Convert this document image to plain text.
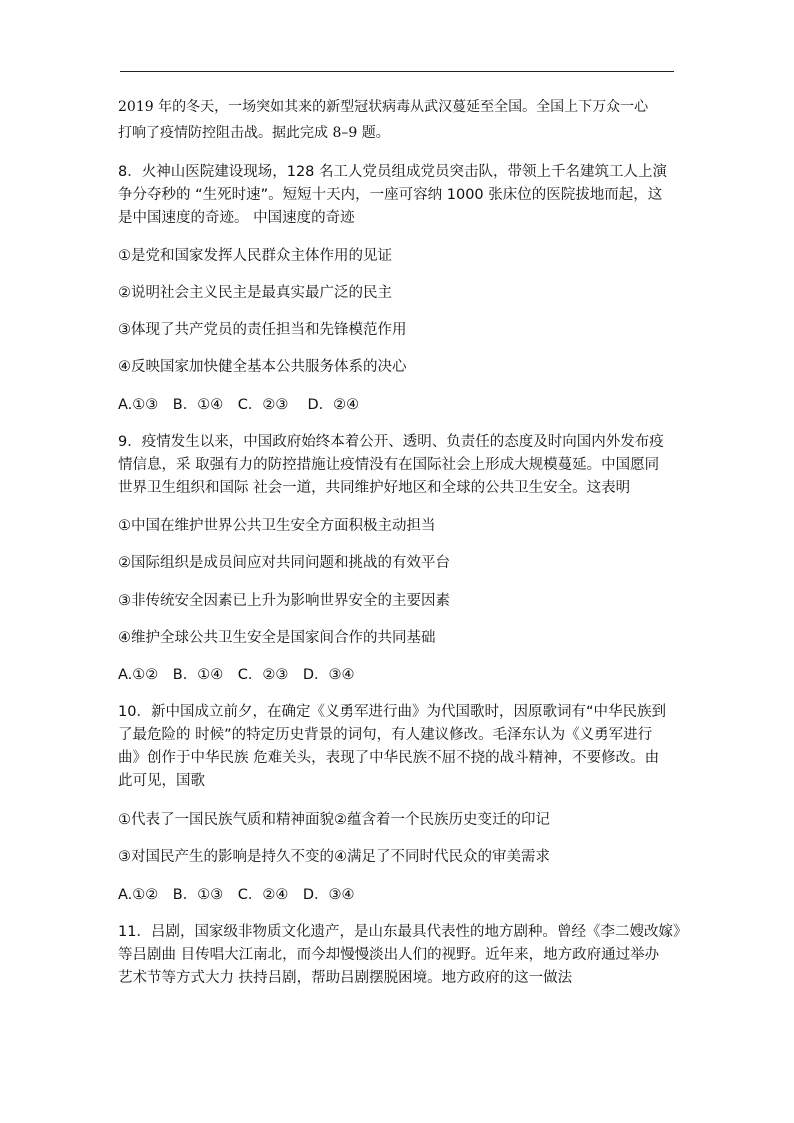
2019 年的冬天，一场突如其来的新型冠状病毒从武汉蔓延至全国。全国上下万众一心
打响了疫情防控阻击战。据此完成 8–9 题。
8．火神山医院建设现场，128 名工人党员组成党员突击队，带领上千名建筑工人上演
争分夺秒的 “生死时速”。短短十天内，一座可容纳 1000 张床位的医院拔地而起，这
是中国速度的奇迹。 中国速度的奇迹
①是党和国家发挥人民群众主体作用的见证
②说明社会主义民主是最真实最广泛的民主
③体现了共产党员的责任担当和先锋模范作用
④反映国家加快健全基本公共服务体系的决心
A.①③　B．①④　C．②③　 D．②④
9．疫情发生以来，中国政府始终本着公开、透明、负责任的态度及时向国内外发布疫
情信息，采 取强有力的防控措施让疫情没有在国际社会上形成大规模蔓延。中国愿同
世界卫生组织和国际 社会一道，共同维护好地区和全球的公共卫生安全。这表明
①中国在维护世界公共卫生安全方面积极主动担当
②国际组织是成员间应对共同问题和挑战的有效平台
③非传统安全因素已上升为影响世界安全的主要因素
④维护全球公共卫生安全是国家间合作的共同基础
A.①②　B．①④　C．②③　D．③④
10．新中国成立前夕，在确定《义勇军进行曲》为代国歌时，因原歌词有“中华民族到
了最危险的 时候”的特定历史背景的词句，有人建议修改。毛泽东认为《义勇军进行
曲》创作于中华民族 危难关头，表现了中华民族不屈不挠的战斗精神，不要修改。由
此可见，国歌
①代表了一国民族气质和精神面貌②蕴含着一个民族历史变迁的印记
③对国民产生的影响是持久不变的④满足了不同时代民众的审美需求
A.①②　B．①③　C．②④　D．③④
11．吕剧，国家级非物质文化遗产，是山东最具代表性的地方剧种。曾经《李二嫂改嫁》
等吕剧曲 目传唱大江南北，而今却慢慢淡出人们的视野。近年来，地方政府通过举办
艺术节等方式大力 扶持吕剧，帮助吕剧摆脱困境。地方政府的这一做法
